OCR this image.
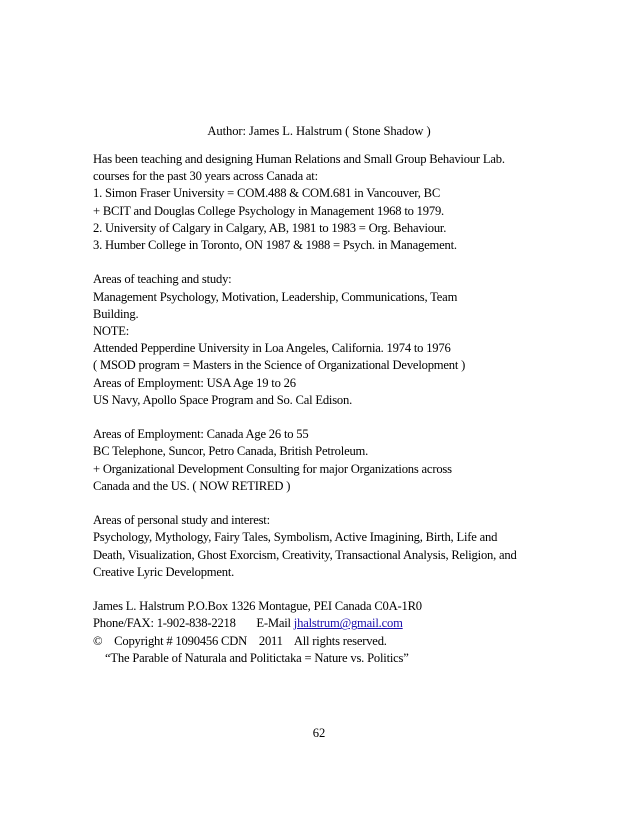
Author: James L. Halstrum ( Stone Shadow )
Has been teaching and designing Human Relations and Small Group Behaviour Lab.
courses for the past 30 years across Canada at:
1. Simon Fraser University = COM.488 & COM.681 in Vancouver, BC
+ BCIT and Douglas College Psychology in Management 1968 to 1979.
2. University of Calgary in Calgary, AB, 1981 to 1983 = Org. Behaviour.
3. Humber College in Toronto, ON 1987 & 1988 = Psych. in Management.
Areas of teaching and study:
Management Psychology, Motivation, Leadership, Communications, Team
Building.
NOTE:
Attended Pepperdine University in Loa Angeles, California. 1974 to 1976
( MSOD program = Masters in the Science of Organizational Development )
Areas of Employment: USA Age 19 to 26
US Navy, Apollo Space Program and So. Cal Edison.
Areas of Employment: Canada Age 26 to 55
BC Telephone, Suncor, Petro Canada, British Petroleum.
+ Organizational Development Consulting for major Organizations across
Canada and the US. ( NOW RETIRED )
Areas of personal study and interest:
Psychology, Mythology, Fairy Tales, Symbolism, Active Imagining, Birth, Life and
Death, Visualization, Ghost Exorcism, Creativity, Transactional Analysis, Religion, and
Creative Lyric Development.
James L. Halstrum P.O.Box 1326 Montague, PEI Canada C0A-1R0
Phone/FAX: 1-902-838-2218       E-Mail jhalstrum@gmail.com
©    Copyright # 1090456 CDN    2011    All rights reserved.
“The Parable of Naturala and Politictaka = Nature vs. Politics”
62
